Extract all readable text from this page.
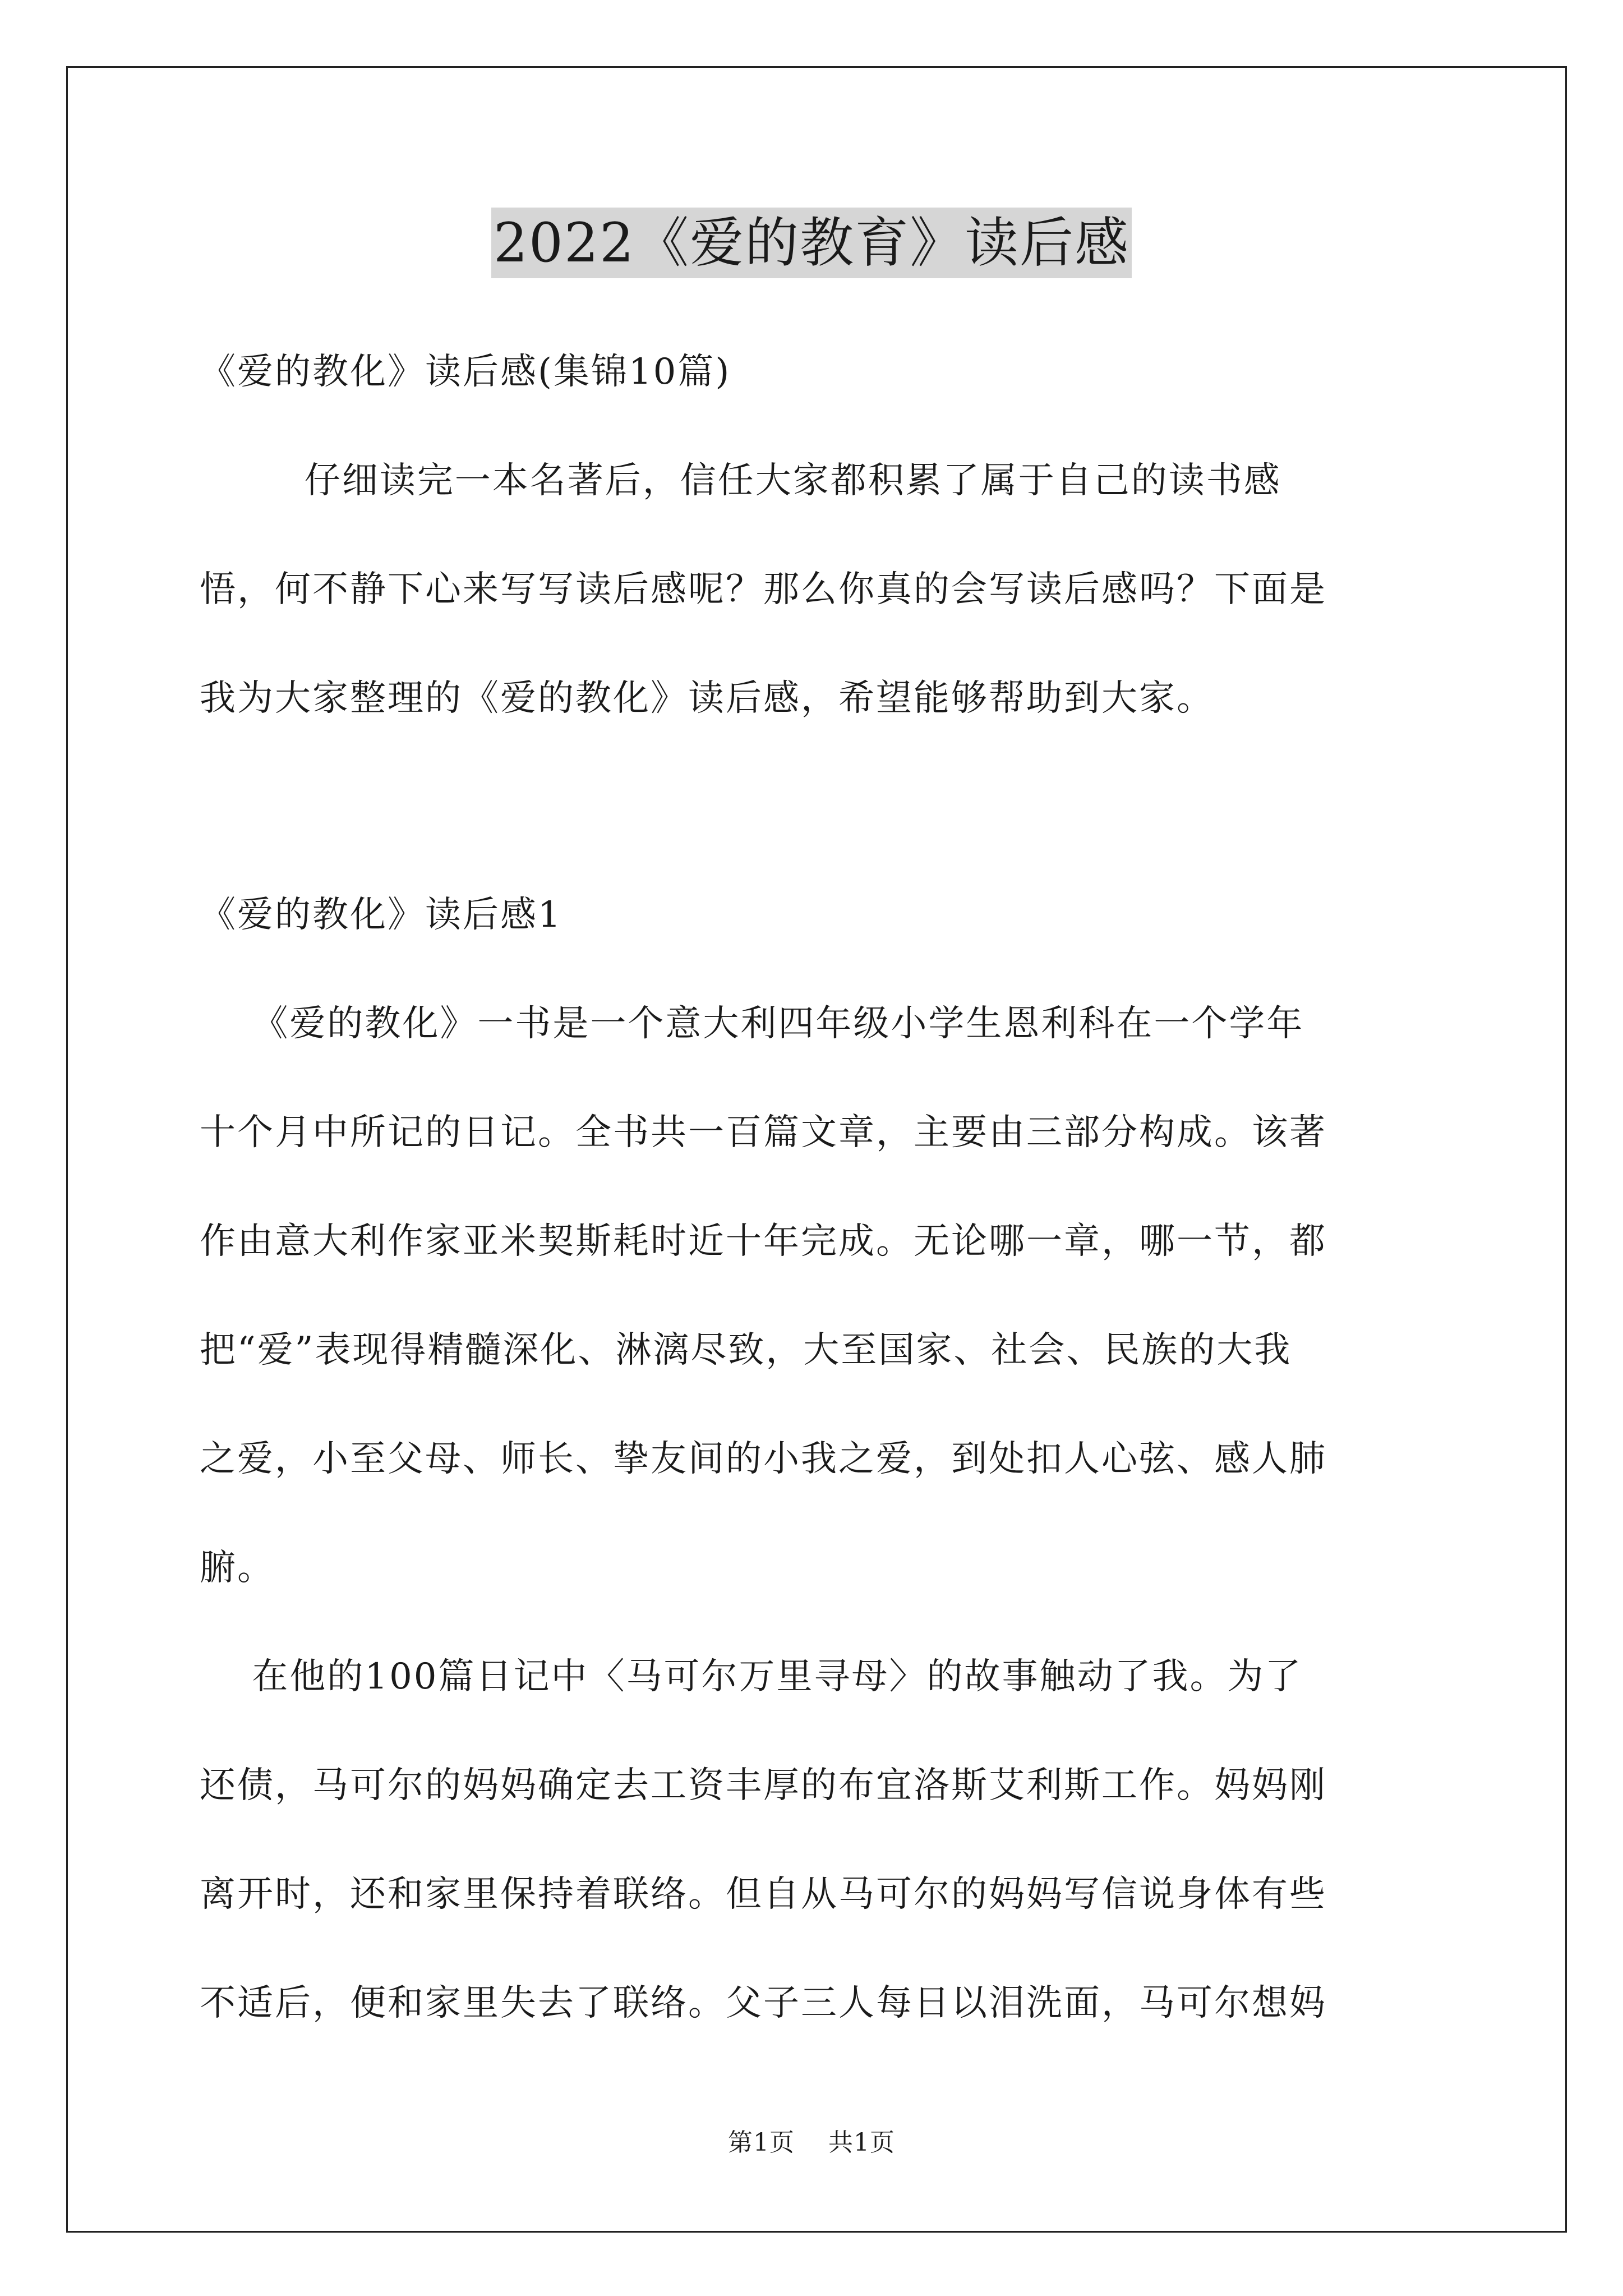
2022《爱的教育》读后感
《爱的教化》读后感(集锦10篇)
仔细读完一本名著后，信任大家都积累了属于自己的读书感
悟，何不静下心来写写读后感呢？那么你真的会写读后感吗？下面是
我为大家整理的《爱的教化》读后感，希望能够帮助到大家。
《爱的教化》读后感1
《爱的教化》一书是一个意大利四年级小学生恩利科在一个学年
十个月中所记的日记。全书共一百篇文章，主要由三部分构成。该著
作由意大利作家亚米契斯耗时近十年完成。无论哪一章，哪一节，都
把“爱”表现得精髓深化、淋漓尽致，大至国家、社会、民族的大我
之爱，小至父母、师长、挚友间的小我之爱，到处扣人心弦、感人肺
腑。
在他的100篇日记中〈马可尔万里寻母〉的故事触动了我。为了
还债，马可尔的妈妈确定去工资丰厚的布宜洛斯艾利斯工作。妈妈刚
离开时，还和家里保持着联络。但自从马可尔的妈妈写信说身体有些
不适后，便和家里失去了联络。父子三人每日以泪洗面，马可尔想妈
第1页    共1页
